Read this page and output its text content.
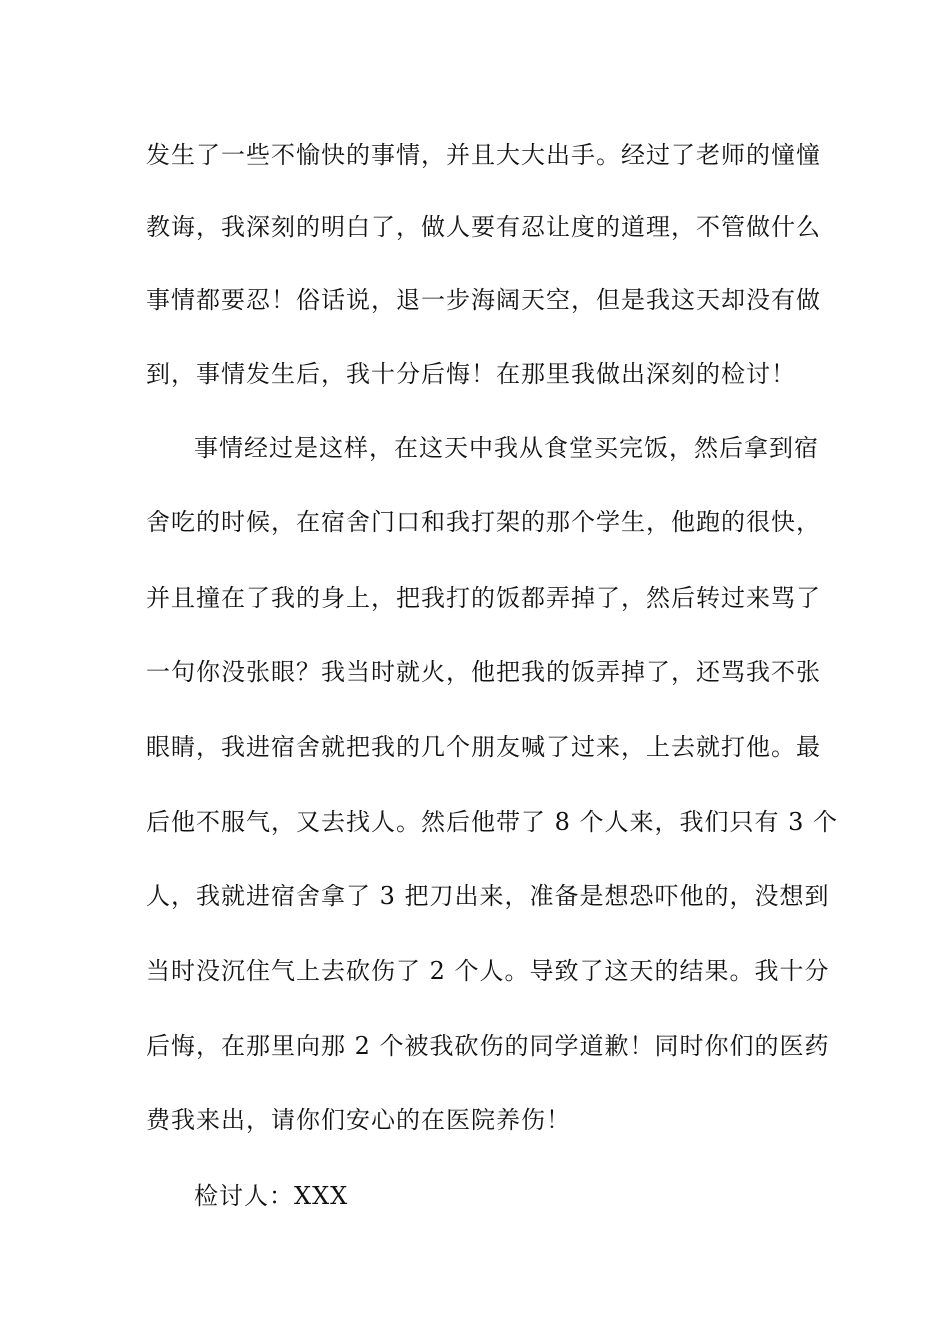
发生了一些不愉快的事情，并且大大出手。经过了老师的憧憧
教诲，我深刻的明白了，做人要有忍让度的道理，不管做什么
事情都要忍！俗话说，退一步海阔天空，但是我这天却没有做
到，事情发生后，我十分后悔！在那里我做出深刻的检讨！
事情经过是这样，在这天中我从食堂买完饭，然后拿到宿
舍吃的时候，在宿舍门口和我打架的那个学生，他跑的很快，
并且撞在了我的身上，把我打的饭都弄掉了，然后转过来骂了
一句你没张眼？我当时就火，他把我的饭弄掉了，还骂我不张
眼睛，我进宿舍就把我的几个朋友喊了过来，上去就打他。最
后他不服气，又去找人。然后他带了 8 个人来，我们只有 3 个
人，我就进宿舍拿了 3 把刀出来，准备是想恐吓他的，没想到
当时没沉住气上去砍伤了 2 个人。导致了这天的结果。我十分
后悔，在那里向那 2 个被我砍伤的同学道歉！同时你们的医药
费我来出，请你们安心的在医院养伤！
检讨人：XXX
